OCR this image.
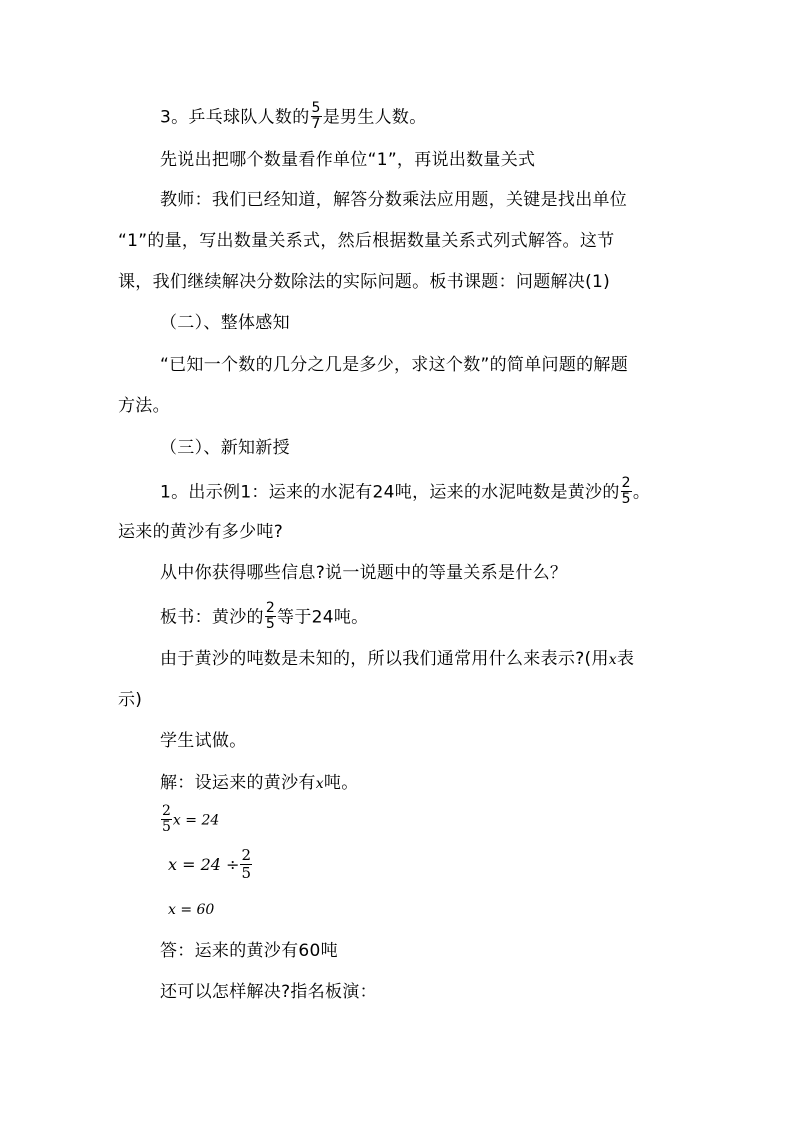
3。乒乓球队人数的 $\frac{5}{7}$ 是男生人数。
先说出把哪个数量看作单位“1”，再说出数量关式
教师：我们已经知道，解答分数乘法应用题，关键是找出单位
“1”的量，写出数量关系式，然后根据数量关系式列式解答。这节
课，我们继续解决分数除法的实际问题。板书课题：问题解决(1)
（二）、整体感知
“已知一个数的几分之几是多少，求这个数”的简单问题的解题
方法。
（三）、新知新授
1。出示例1：运来的水泥有24吨，运来的水泥吨数是黄沙的 $\frac{2}{5}$ 。
运来的黄沙有多少吨?
从中你获得哪些信息?说一说题中的等量关系是什么？
板书：黄沙的 $\frac{2}{5}$ 等于24吨。
由于黄沙的吨数是未知的，所以我们通常用什么来表示?(用x表
示)
学生试做。
解：设运来的黄沙有x吨。
$\frac{2}{5}$ x = 24
$x = 24 \div \frac{2}{5}$
x = 60
答：运来的黄沙有60吨
还可以怎样解决?指名板演：
